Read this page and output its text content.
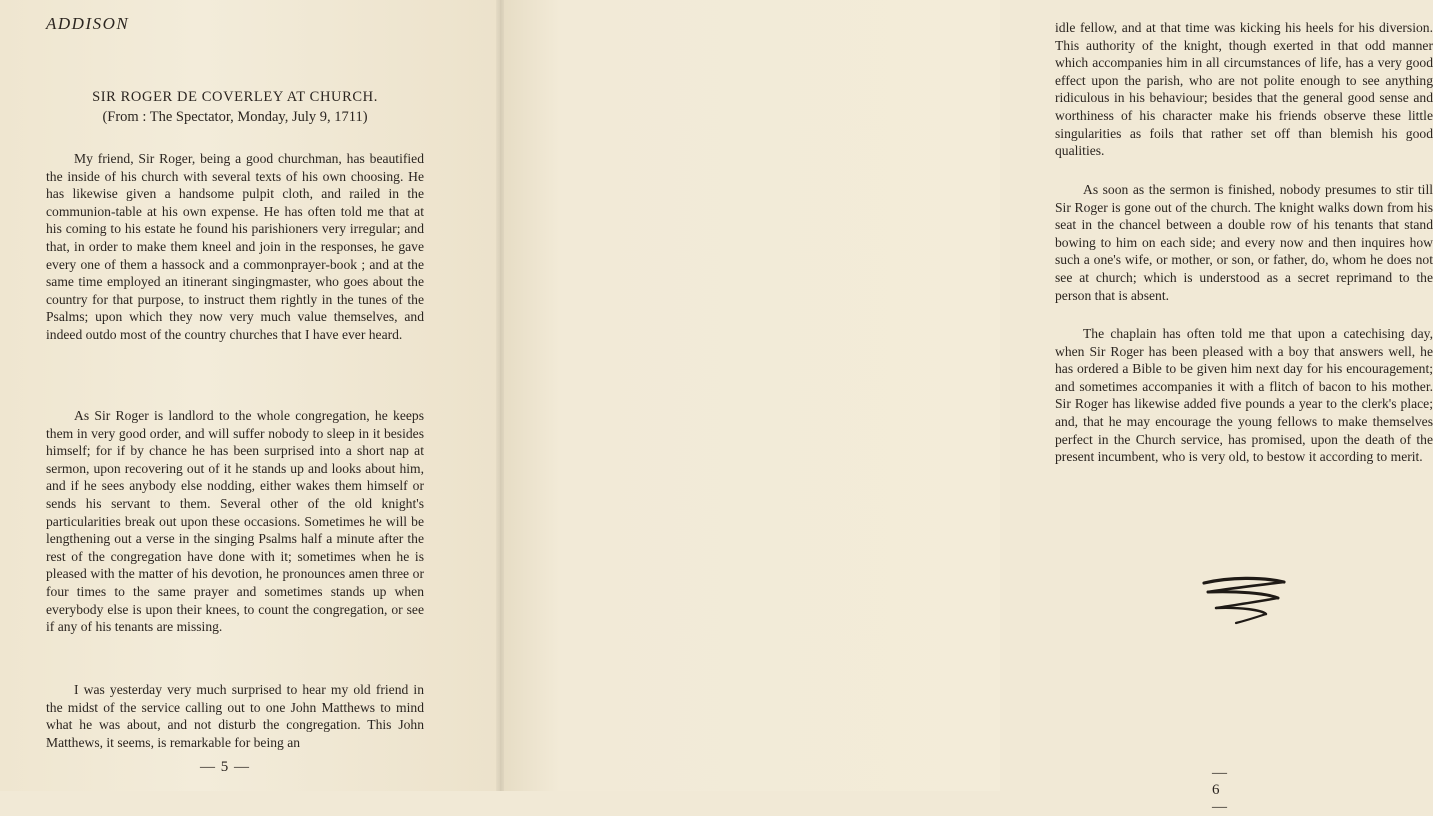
ADDISON
SIR ROGER DE COVERLEY AT CHURCH.
(From : The Spectator, Monday, July 9, 1711)
My friend, Sir Roger, being a good churchman, has beautified the inside of his church with several texts of his own choosing. He has likewise given a handsome pulpit cloth, and railed in the communion-table at his own expense. He has often told me that at his coming to his estate he found his parishioners very irregular; and that, in order to make them kneel and join in the responses, he gave every one of them a hassock and a commonprayer-book ; and at the same time employed an itinerant singingmaster, who goes about the country for that purpose, to instruct them rightly in the tunes of the Psalms; upon which they now very much value themselves, and indeed outdo most of the country churches that I have ever heard.
As Sir Roger is landlord to the whole congregation, he keeps them in very good order, and will suffer nobody to sleep in it besides himself; for if by chance he has been surprised into a short nap at sermon, upon recovering out of it he stands up and looks about him, and if he sees anybody else nodding, either wakes them himself or sends his servant to them. Several other of the old knight's particularities break out upon these occasions. Sometimes he will be lengthening out a verse in the singing Psalms half a minute after the rest of the congregation have done with it; sometimes when he is pleased with the matter of his devotion, he pronounces amen three or four times to the same prayer and sometimes stands up when everybody else is upon their knees, to count the congregation, or see if any of his tenants are missing.
I was yesterday very much surprised to hear my old friend in the midst of the service calling out to one John Matthews to mind what he was about, and not disturb the congregation. This John Matthews, it seems, is remarkable for being an
— 5 —
idle fellow, and at that time was kicking his heels for his diversion. This authority of the knight, though exerted in that odd manner which accompanies him in all circumstances of life, has a very good effect upon the parish, who are not polite enough to see anything ridiculous in his behaviour; besides that the general good sense and worthiness of his character make his friends observe these little singularities as foils that rather set off than blemish his good qualities.
As soon as the sermon is finished, nobody presumes to stir till Sir Roger is gone out of the church. The knight walks down from his seat in the chancel between a double row of his tenants that stand bowing to him on each side; and every now and then inquires how such a one's wife, or mother, or son, or father, do, whom he does not see at church; which is understood as a secret reprimand to the person that is absent.
The chaplain has often told me that upon a catechising day, when Sir Roger has been pleased with a boy that answers well, he has ordered a Bible to be given him next day for his encouragement; and sometimes accompanies it with a flitch of bacon to his mother. Sir Roger has likewise added five pounds a year to the clerk's place; and, that he may encourage the young fellows to make themselves perfect in the Church service, has promised, upon the death of the present incumbent, who is very old, to bestow it according to merit.
— 6 —
